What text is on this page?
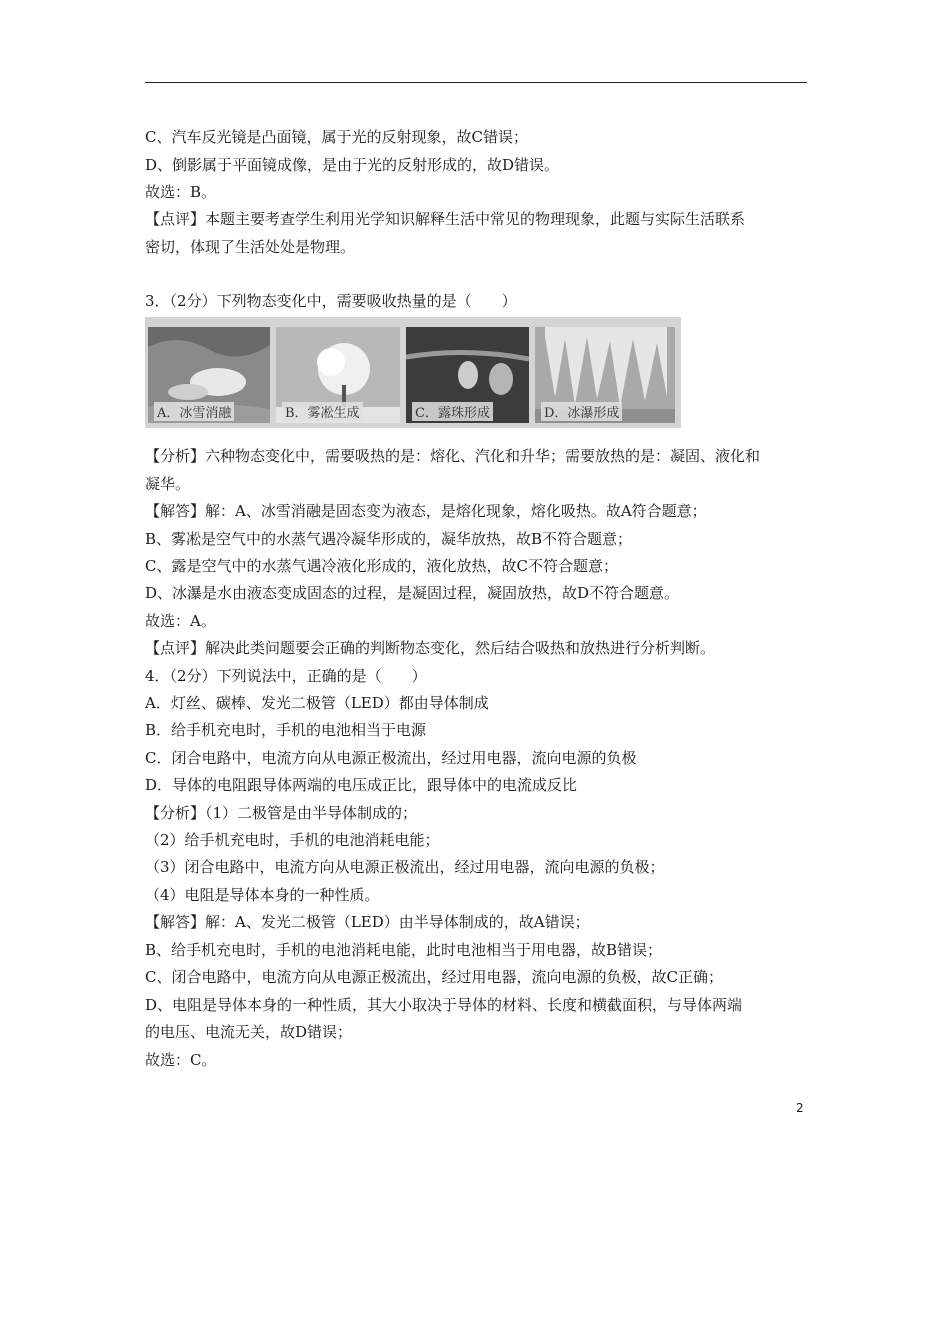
C、汽车反光镜是凸面镜，属于光的反射现象，故C错误；
D、倒影属于平面镜成像，是由于光的反射形成的，故D错误。
故选：B。
【点评】本题主要考查学生利用光学知识解释生活中常见的物理现象，此题与实际生活联系
密切，体现了生活处处是物理。
3．（2分）下列物态变化中，需要吸收热量的是（　　）
A．冰雪消融	B．雾凇生成	C．露珠形成	D．冰瀑形成
【分析】六种物态变化中，需要吸热的是：熔化、汽化和升华；需要放热的是：凝固、液化和
凝华。
【解答】解：A、冰雪消融是固态变为液态，是熔化现象，熔化吸热。故A符合题意；
B、雾凇是空气中的水蒸气遇冷凝华形成的，凝华放热，故B不符合题意；
C、露是空气中的水蒸气遇冷液化形成的，液化放热，故C不符合题意；
D、冰瀑是水由液态变成固态的过程，是凝固过程，凝固放热，故D不符合题意。
故选：A。
【点评】解决此类问题要会正确的判断物态变化，然后结合吸热和放热进行分析判断。
4．（2分）下列说法中，正确的是（　　）
A．灯丝、碳棒、发光二极管（LED）都由导体制成
B．给手机充电时，手机的电池相当于电源
C．闭合电路中，电流方向从电源正极流出，经过用电器，流向电源的负极
D．导体的电阻跟导体两端的电压成正比，跟导体中的电流成反比
【分析】（1）二极管是由半导体制成的；
（2）给手机充电时，手机的电池消耗电能；
（3）闭合电路中，电流方向从电源正极流出，经过用电器，流向电源的负极；
（4）电阻是导体本身的一种性质。
【解答】解：A、发光二极管（LED）由半导体制成的，故A错误；
B、给手机充电时，手机的电池消耗电能，此时电池相当于用电器，故B错误；
C、闭合电路中，电流方向从电源正极流出，经过用电器，流向电源的负极，故C正确；
D、电阻是导体本身的一种性质，其大小取决于导体的材料、长度和横截面积，与导体两端
的电压、电流无关，故D错误；
故选：C。
2
